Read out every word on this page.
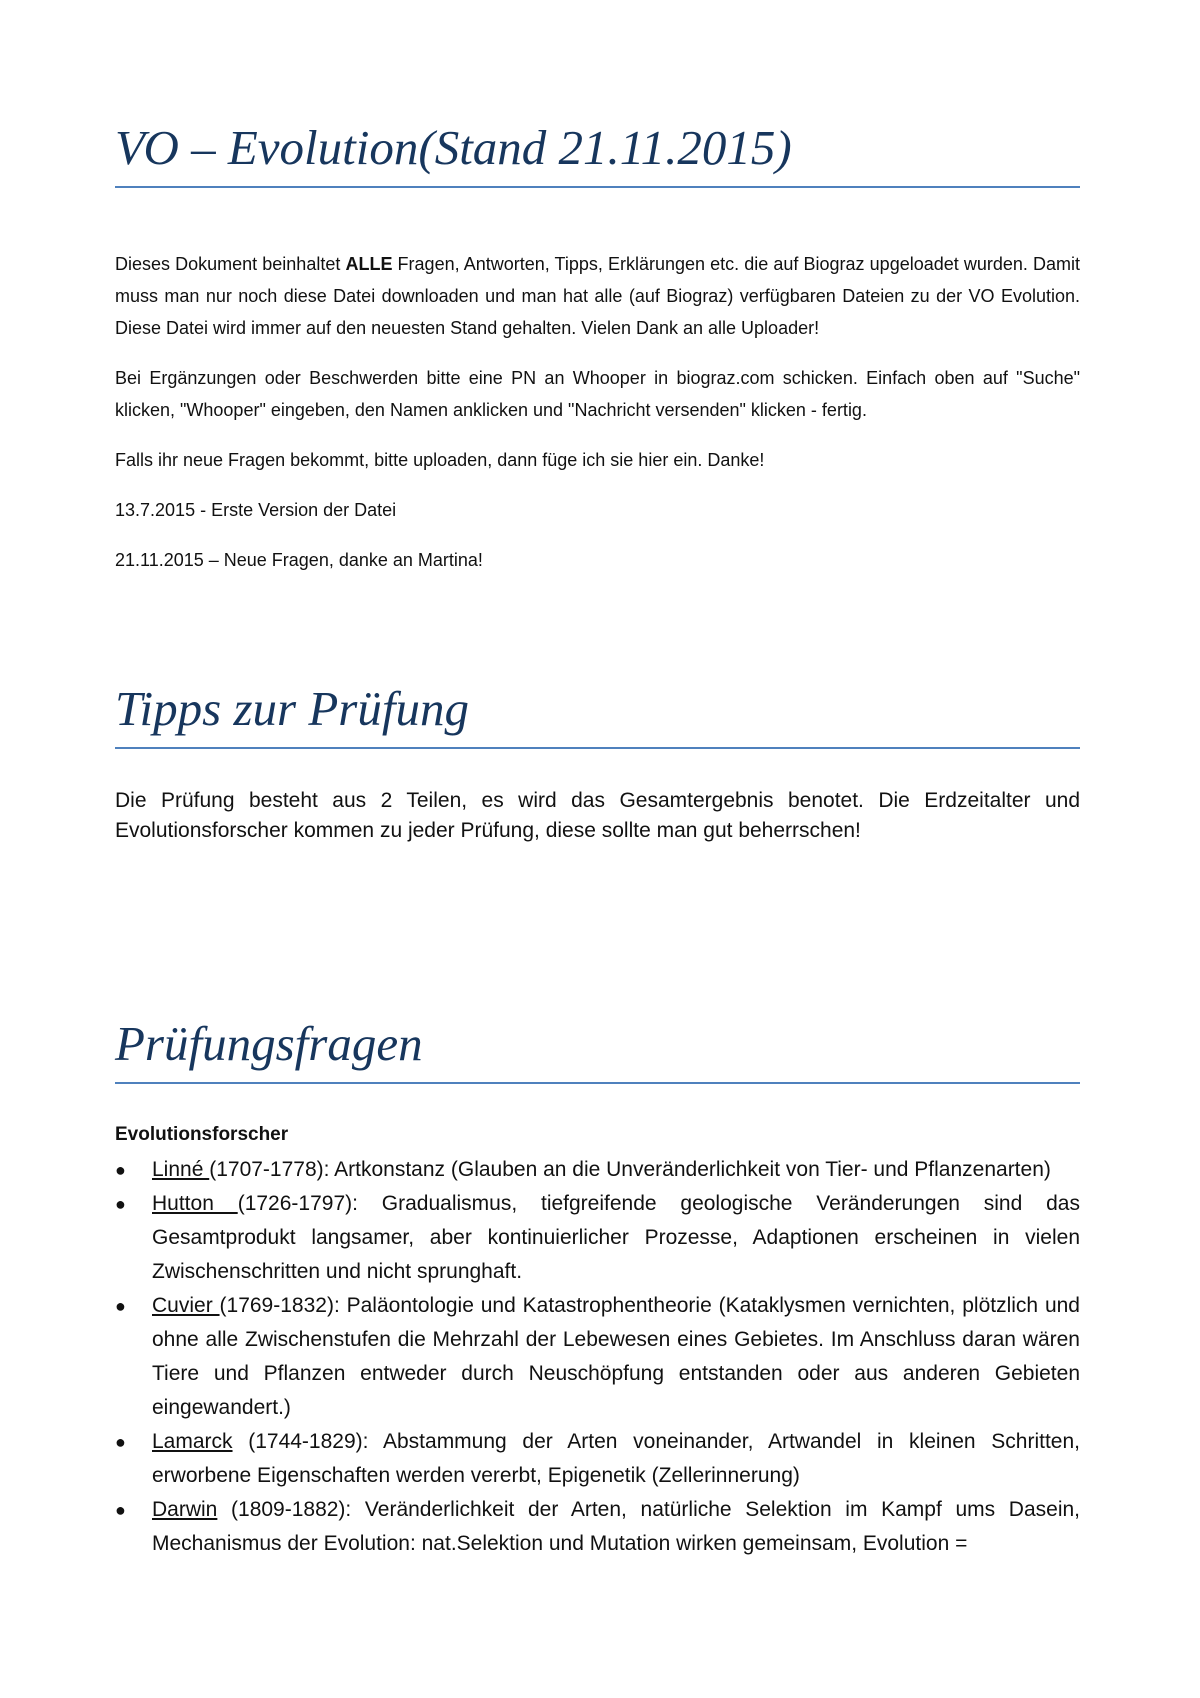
VO – Evolution(Stand 21.11.2015)

Dieses Dokument beinhaltet ALLE Fragen, Antworten, Tipps, Erklärungen etc. die auf Biograz upgeloadet wurden. Damit muss man nur noch diese Datei downloaden und man hat alle (auf Biograz) verfügbaren Dateien zu der VO Evolution. Diese Datei wird immer auf den neuesten Stand gehalten. Vielen Dank an alle Uploader!

Bei Ergänzungen oder Beschwerden bitte eine PN an Whooper in biograz.com schicken. Einfach oben auf "Suche" klicken, "Whooper" eingeben, den Namen anklicken und "Nachricht versenden" klicken - fertig.

Falls ihr neue Fragen bekommt, bitte uploaden, dann füge ich sie hier ein. Danke!

13.7.2015 - Erste Version der Datei

21.11.2015 – Neue Fragen, danke an Martina!

Tipps zur Prüfung
Die Prüfung besteht aus 2 Teilen, es wird das Gesamtergebnis benotet. Die Erdzeitalter und Evolutionsforscher kommen zu jeder Prüfung, diese sollte man gut beherrschen!
Prüfungsfragen
Evolutionsforscher
● Linné (1707-1778): Artkonstanz (Glauben an die Unveränderlichkeit von Tier- und Pflanzenarten)
● Hutton (1726-1797): Gradualismus, tiefgreifende geologische Veränderungen sind das Gesamtprodukt langsamer, aber kontinuierlicher Prozesse, Adaptionen erscheinen in vielen Zwischenschritten und nicht sprunghaft.
● Cuvier (1769-1832): Paläontologie und Katastrophentheorie (Kataklysmen vernichten, plötzlich und ohne alle Zwischenstufen die Mehrzahl der Lebewesen eines Gebietes. Im Anschluss daran wären Tiere und Pflanzen entweder durch Neuschöpfung entstanden oder aus anderen Gebieten eingewandert.)
● Lamarck (1744-1829): Abstammung der Arten voneinander, Artwandel in kleinen Schritten, erworbene Eigenschaften werden vererbt, Epigenetik (Zellerinnerung)
● Darwin (1809-1882): Veränderlichkeit der Arten, natürliche Selektion im Kampf ums Dasein, Mechanismus der Evolution: nat.Selektion und Mutation wirken gemeinsam, Evolution =
